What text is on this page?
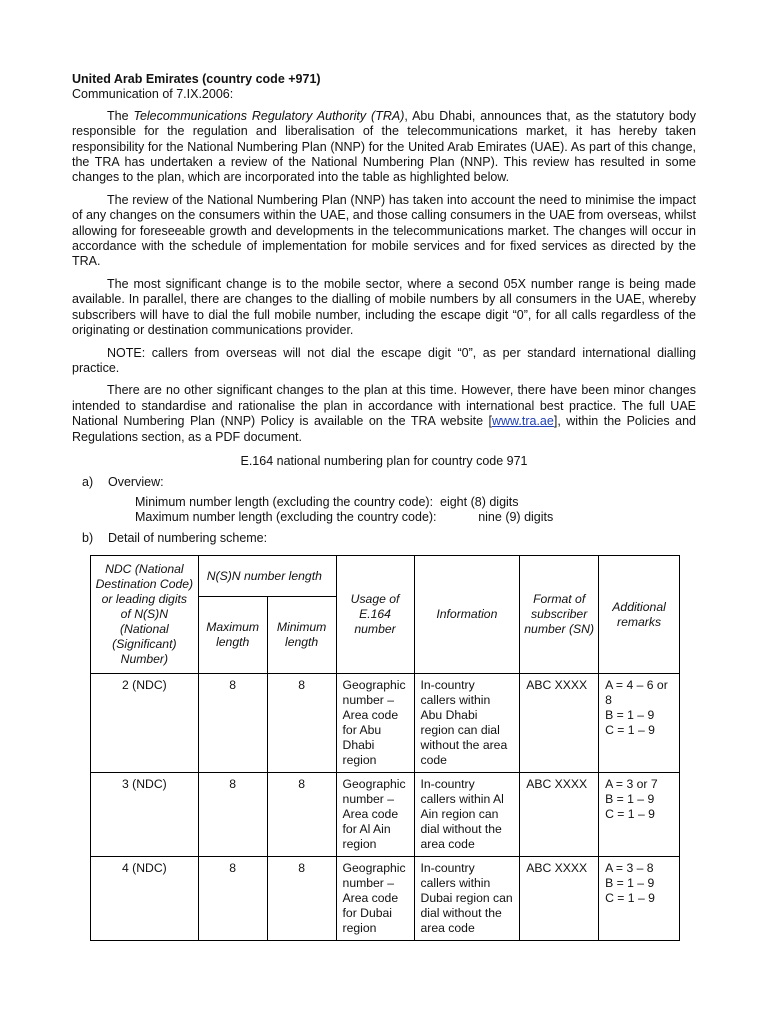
United Arab Emirates (country code +971)
Communication of 7.IX.2006:

The Telecommunications Regulatory Authority (TRA), Abu Dhabi, announces that, as the statutory body responsible for the regulation and liberalisation of the telecommunications market, it has hereby taken responsibility for the National Numbering Plan (NNP) for the United Arab Emirates (UAE). As part of this change, the TRA has undertaken a review of the National Numbering Plan (NNP). This review has resulted in some changes to the plan, which are incorporated into the table as highlighted below.

The review of the National Numbering Plan (NNP) has taken into account the need to minimise the impact of any changes on the consumers within the UAE, and those calling consumers in the UAE from overseas, whilst allowing for foreseeable growth and developments in the telecommunications market. The changes will occur in accordance with the schedule of implementation for mobile services and for fixed services as directed by the TRA.

The most significant change is to the mobile sector, where a second 05X number range is being made available. In parallel, there are changes to the dialling of mobile numbers by all consumers in the UAE, whereby subscribers will have to dial the full mobile number, including the escape digit “0”, for all calls regardless of the originating or destination communications provider.

NOTE: callers from overseas will not dial the escape digit “0”, as per standard international dialling practice.

There are no other significant changes to the plan at this time. However, there have been minor changes intended to standardise and rationalise the plan in accordance with international best practice. The full UAE National Numbering Plan (NNP) Policy is available on the TRA website [www.tra.ae], within the Policies and Regulations section, as a PDF document.

E.164 national numbering plan for country code 971
a)	Overview:
Minimum number length (excluding the country code):  eight (8) digits
Maximum number length (excluding the country code):            nine (9) digits
b)	Detail of numbering scheme:
NDC (National Destination Code) or leading digits of N(S)N (National (Significant) Number)	N(S)N number length		Usage of E.164 number	Information	Format of subscriber number (SN)	Additional remarks
	Maximum length	Minimum length				
2 (NDC)	8	8	Geographic number – Area code for Abu Dhabi region	In-country callers within Abu Dhabi region can dial without the area code	ABC XXXX	A = 4 – 6 or 8
B = 1 – 9
C = 1 – 9

3 (NDC)	8	8	Geographic number – Area code for Al Ain region	In-country callers within Al Ain region can dial without the area code	ABC XXXX	A = 3 or 7
B = 1 – 9
C = 1 – 9

4 (NDC)	8	8	Geographic number – Area code for Dubai region	In-country callers within Dubai region can dial without the area code	ABC XXXX	A = 3 – 8
B = 1 – 9
C = 1 – 9
